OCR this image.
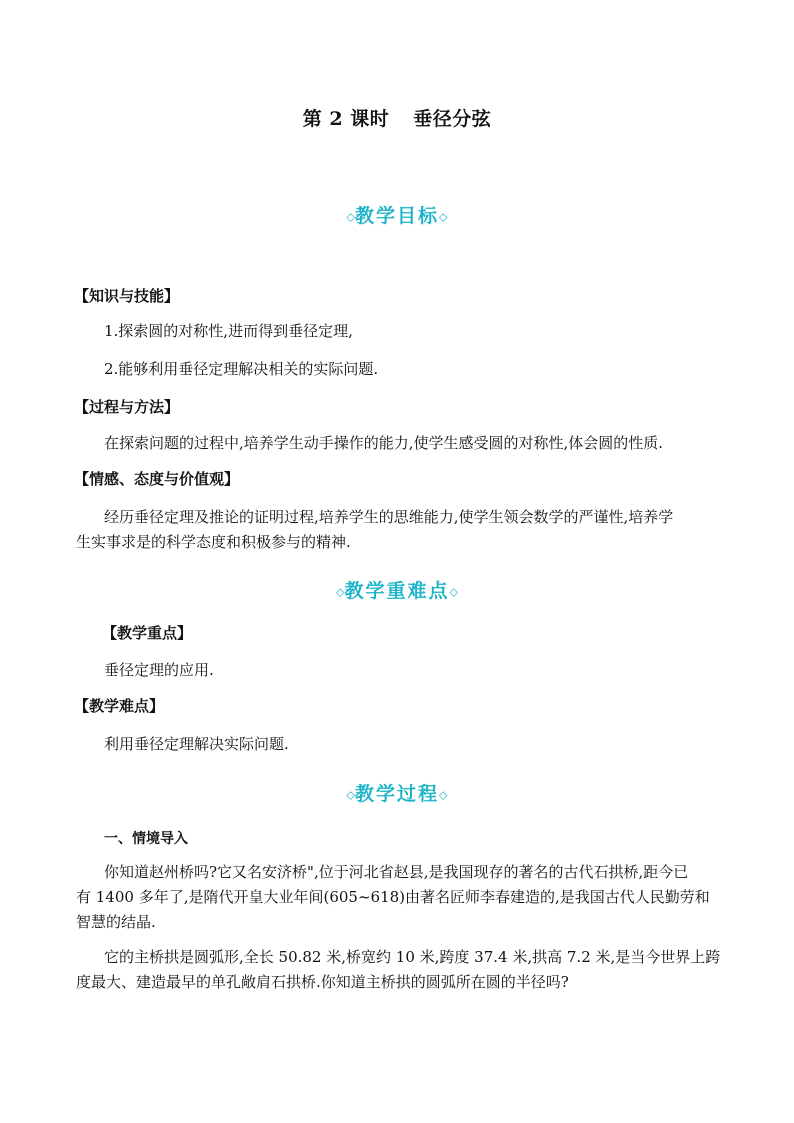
第 2 课时 垂径分弦
◇教学目标◇
【知识与技能】
1.探索圆的对称性,进而得到垂径定理,
2.能够利用垂径定理解决相关的实际问题.
【过程与方法】
在探索问题的过程中,培养学生动手操作的能力,使学生感受圆的对称性,体会圆的性质.
【情感、态度与价值观】
经历垂径定理及推论的证明过程,培养学生的思维能力,使学生领会数学的严谨性,培养学
生实事求是的科学态度和积极参与的精神.
◇教学重难点◇
【教学重点】
垂径定理的应用.
【教学难点】
利用垂径定理解决实际问题.
◇教学过程◇
一、情境导入
你知道赵州桥吗?它又名安济桥",位于河北省赵县,是我国现存的著名的古代石拱桥,距今已
有 1400 多年了,是隋代开皇大业年间(605~618)由著名匠师李春建造的,是我国古代人民勤劳和
智慧的结晶.
它的主桥拱是圆弧形,全长 50.82 米,桥宽约 10 米,跨度 37.4 米,拱高 7.2 米,是当今世界上跨
度最大、建造最早的单孔敞肩石拱桥.你知道主桥拱的圆弧所在圆的半径吗?
